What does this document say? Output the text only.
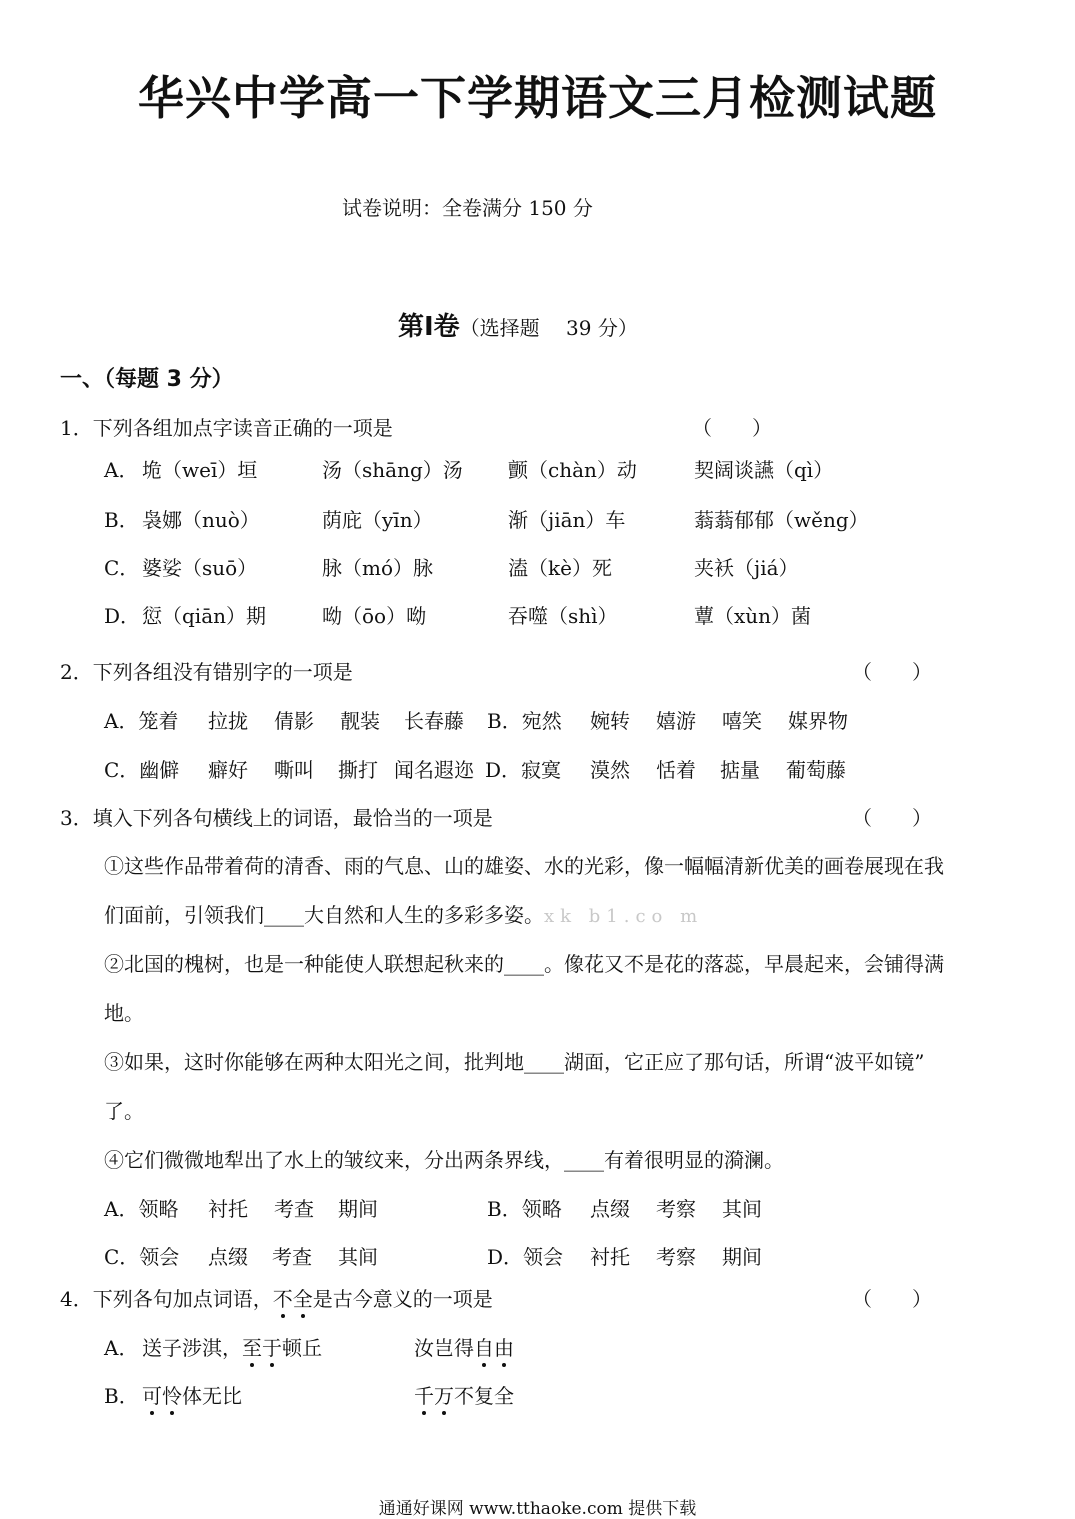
华兴中学高一下学期语文三月检测试题
试卷说明：全卷满分 150 分
第Ⅰ卷（选择题　 39 分）
一、（每题 3 分）
1．下列各组加点字读音正确的一项是	（　　）
A． 垝（weī）垣	汤（shāng）汤 颤（chàn）动	契阔谈讌（qì）
B． 袅娜（nuò）	荫庇（yīn）	渐（jiān）车	蓊蓊郁郁（wěng）
C． 婆娑（suō）	脉（mó）脉	溘（kè）死	夹袄（jiá）
D． 愆（qiān）期	呦（ōo）呦	吞噬（shì）	蕈（xùn）菌
2．下列各组没有错别字的一项是	（　　）
A．笼着 拉拢 倩影 靓装 长春藤 B．宛然 婉转 嬉游 嘻笑 媒界物
C．幽僻 癖好 嘶叫 撕打 闻名遐迩 D．寂寞 漠然 恬着 掂量 葡萄藤
3．填入下列各句横线上的词语，最恰当的一项是	（　　）
①这些作品带着荷的清香、雨的气息、山的雄姿、水的光彩，像一幅幅清新优美的画卷展现在我
们面前，引领我们____大自然和人生的多彩多姿。xk b1.co m
②北国的槐树，也是一种能使人联想起秋来的____。像花又不是花的落蕊，早晨起来，会铺得满
地。
③如果，这时你能够在两种太阳光之间，批判地____湖面，它正应了那句话，所谓“波平如镜”
了。
④它们微微地犁出了水上的皱纹来，分出两条界线，____有着很明显的漪澜。
A．领略 衬托 考查 期间	B．领略 点缀 考察 其间
C．领会 点缀 考查 其间	D．领会 衬托 考察 期间
4．下列各句加点词语，不全是古今意义的一项是	（　　）
A． 送子涉淇，至于顿丘	汝岂得自由
B． 可怜体无比	千万不复全
通通好课网 www.tthaoke.com 提供下载
